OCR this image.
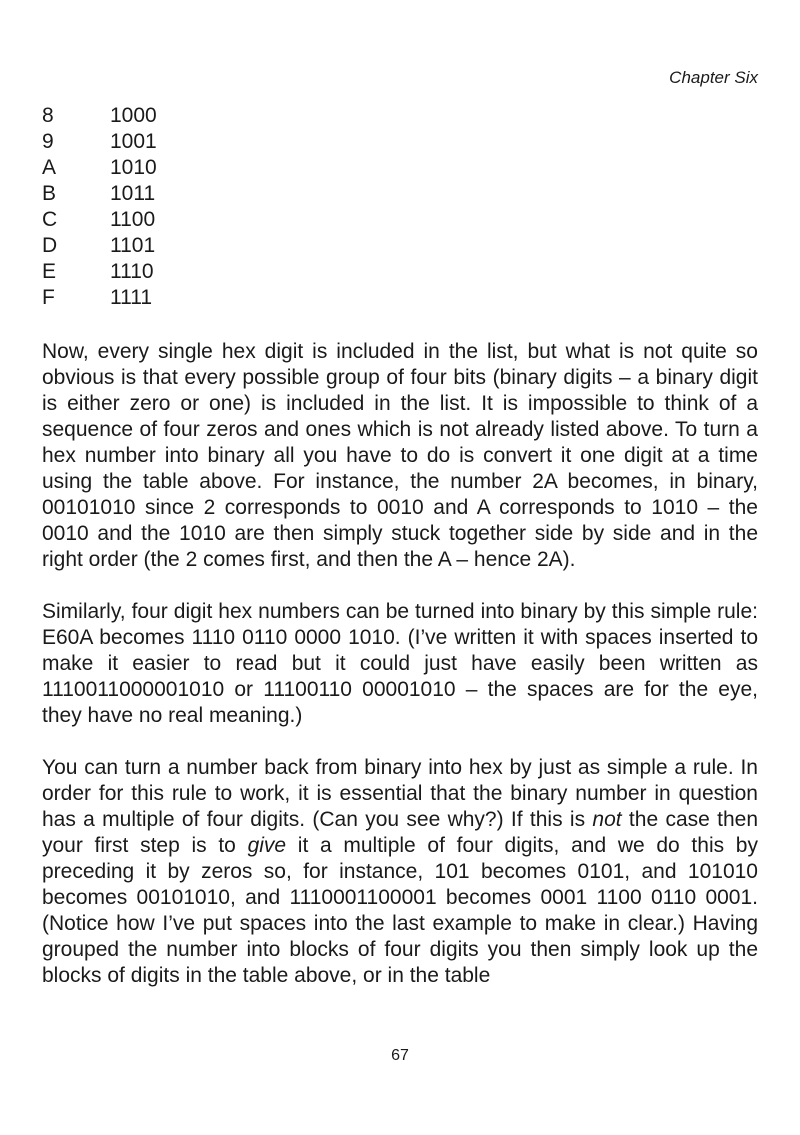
Chapter Six
8	1000
9	1001
A	1010
B	1011
C	1100
D	1101
E	1110
F	1111

Now, every single hex digit is included in the list, but what is not quite so obvious is that every possible group of four bits (binary digits – a binary digit is either zero or one) is included in the list. It is impossible to think of a sequence of four zeros and ones which is not already listed above. To turn a hex number into binary all you have to do is convert it one digit at a time using the table above. For instance, the number 2A becomes, in binary, 00101010 since 2 corresponds to 0010 and A corresponds to 1010 – the 0010 and the 1010 are then simply stuck together side by side and in the right order (the 2 comes first, and then the A – hence 2A).

Similarly, four digit hex numbers can be turned into binary by this simple rule: E60A becomes 1110 0110 0000 1010. (I’ve written it with spaces inserted to make it easier to read but it could just have easily been written as 1110011000001010 or 11100110 00001010 – the spaces are for the eye, they have no real meaning.)

You can turn a number back from binary into hex by just as simple a rule. In order for this rule to work, it is essential that the binary number in question has a multiple of four digits. (Can you see why?) If this is not the case then your first step is to give it a multiple of four digits, and we do this by preceding it by zeros so, for instance, 101 becomes 0101, and 101010 becomes 00101010, and 1110001100001 becomes 0001 1100 0110 0001. (Notice how I’ve put spaces into the last example to make in clear.) Having grouped the number into blocks of four digits you then simply look up the blocks of digits in the table above, or in the table

67
